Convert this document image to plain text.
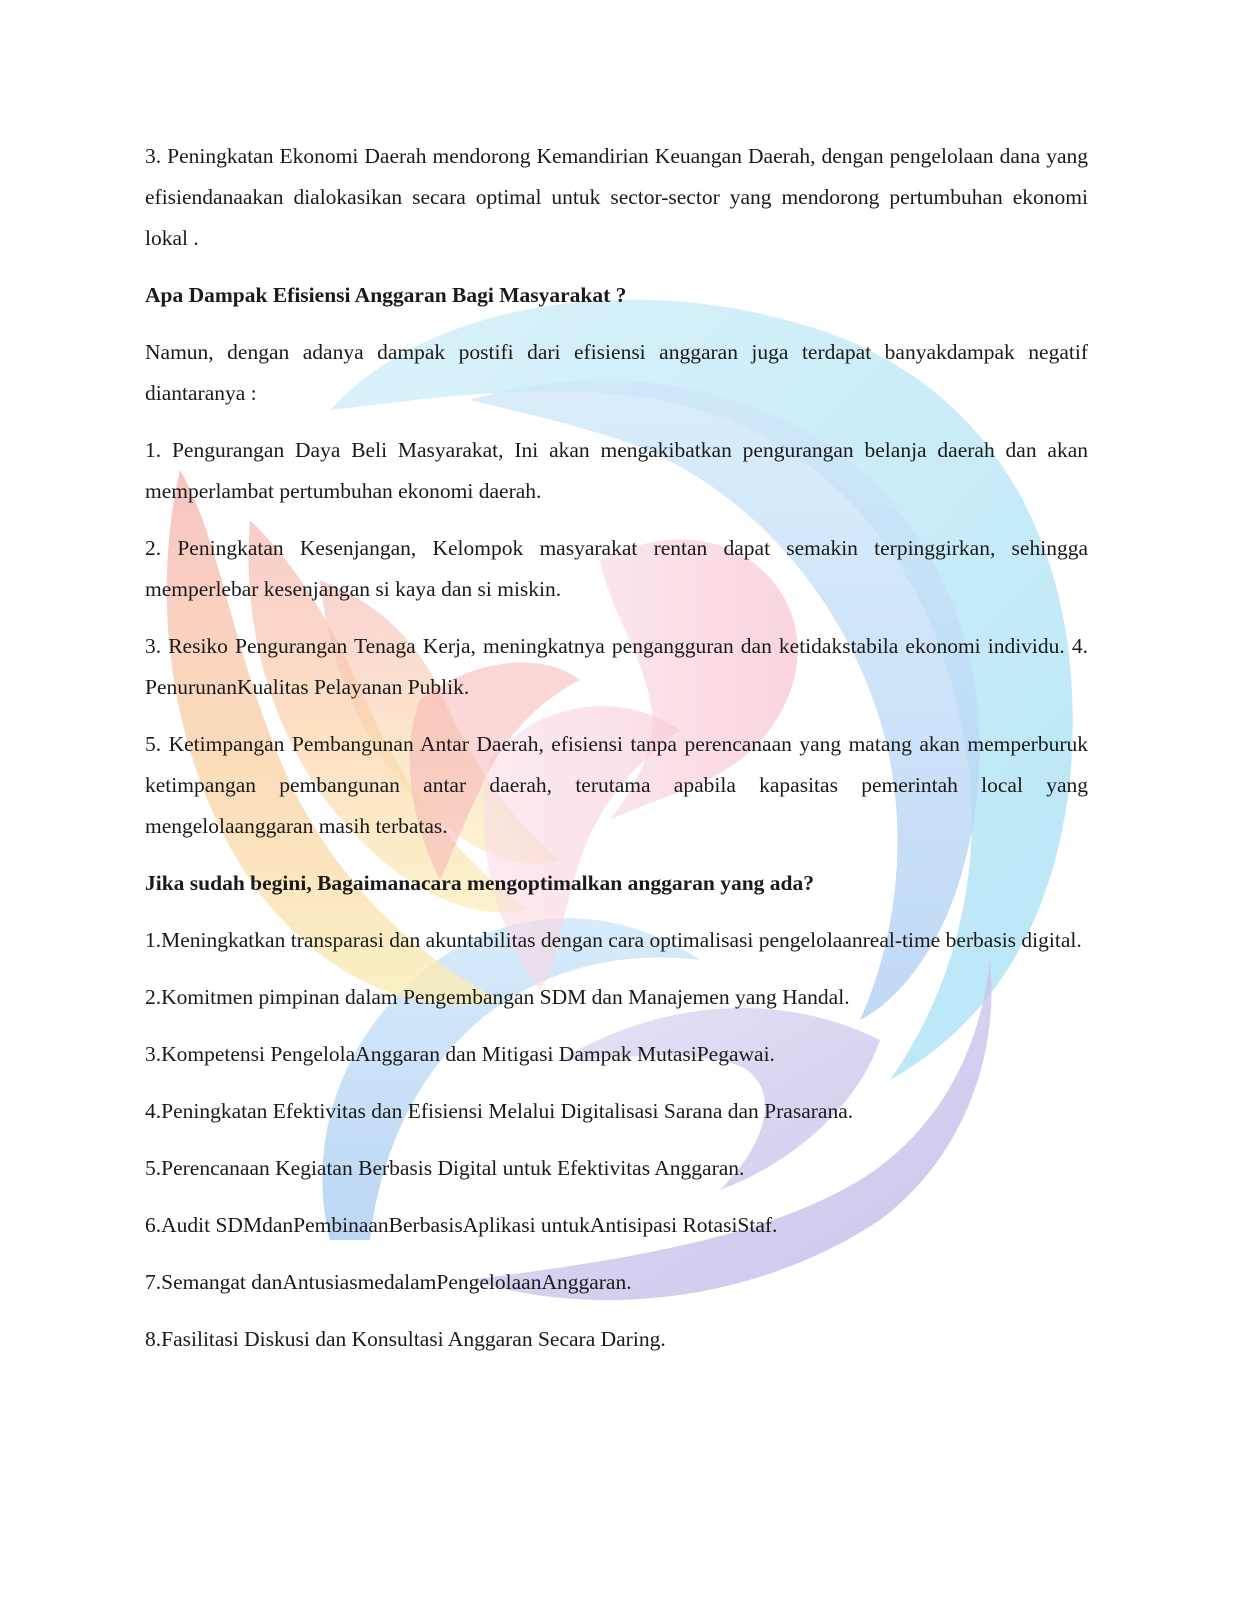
3. Peningkatan Ekonomi Daerah mendorong Kemandirian Keuangan Daerah, dengan pengelolaan dana yang efisiendanaakan dialokasikan secara optimal untuk sector-sector yang mendorong pertumbuhan ekonomi lokal .

Apa Dampak Efisiensi Anggaran Bagi Masyarakat ?

Namun, dengan adanya dampak postifi dari efisiensi anggaran juga terdapat banyakdampak negatif diantaranya :

1. Pengurangan Daya Beli Masyarakat, Ini akan mengakibatkan pengurangan belanja daerah dan akan memperlambat pertumbuhan ekonomi daerah.

2. Peningkatan Kesenjangan, Kelompok masyarakat rentan dapat semakin terpinggirkan, sehingga memperlebar kesenjangan si kaya dan si miskin.

3. Resiko Pengurangan Tenaga Kerja, meningkatnya pengangguran dan ketidakstabila ekonomi individu. 4. PenurunanKualitas Pelayanan Publik.

5. Ketimpangan Pembangunan Antar Daerah, efisiensi tanpa perencanaan yang matang akan memperburuk ketimpangan pembangunan antar daerah, terutama apabila kapasitas pemerintah local yang mengelolaanggaran masih terbatas.

Jika sudah begini, Bagaimanacara mengoptimalkan anggaran yang ada?

1.Meningkatkan transparasi dan akuntabilitas dengan cara optimalisasi pengelolaanreal-time berbasis digital.

2.Komitmen pimpinan dalam Pengembangan SDM dan Manajemen yang Handal.

3.Kompetensi PengelolaAnggaran dan Mitigasi Dampak MutasiPegawai.

4.Peningkatan Efektivitas dan Efisiensi Melalui Digitalisasi Sarana dan Prasarana.

5.Perencanaan Kegiatan Berbasis Digital untuk Efektivitas Anggaran.

6.Audit SDMdanPembinaanBerbasisAplikasi untukAntisipasi RotasiStaf.

7.Semangat danAntusiasmedalamPengelolaanAnggaran.

8.Fasilitasi Diskusi dan Konsultasi Anggaran Secara Daring.
